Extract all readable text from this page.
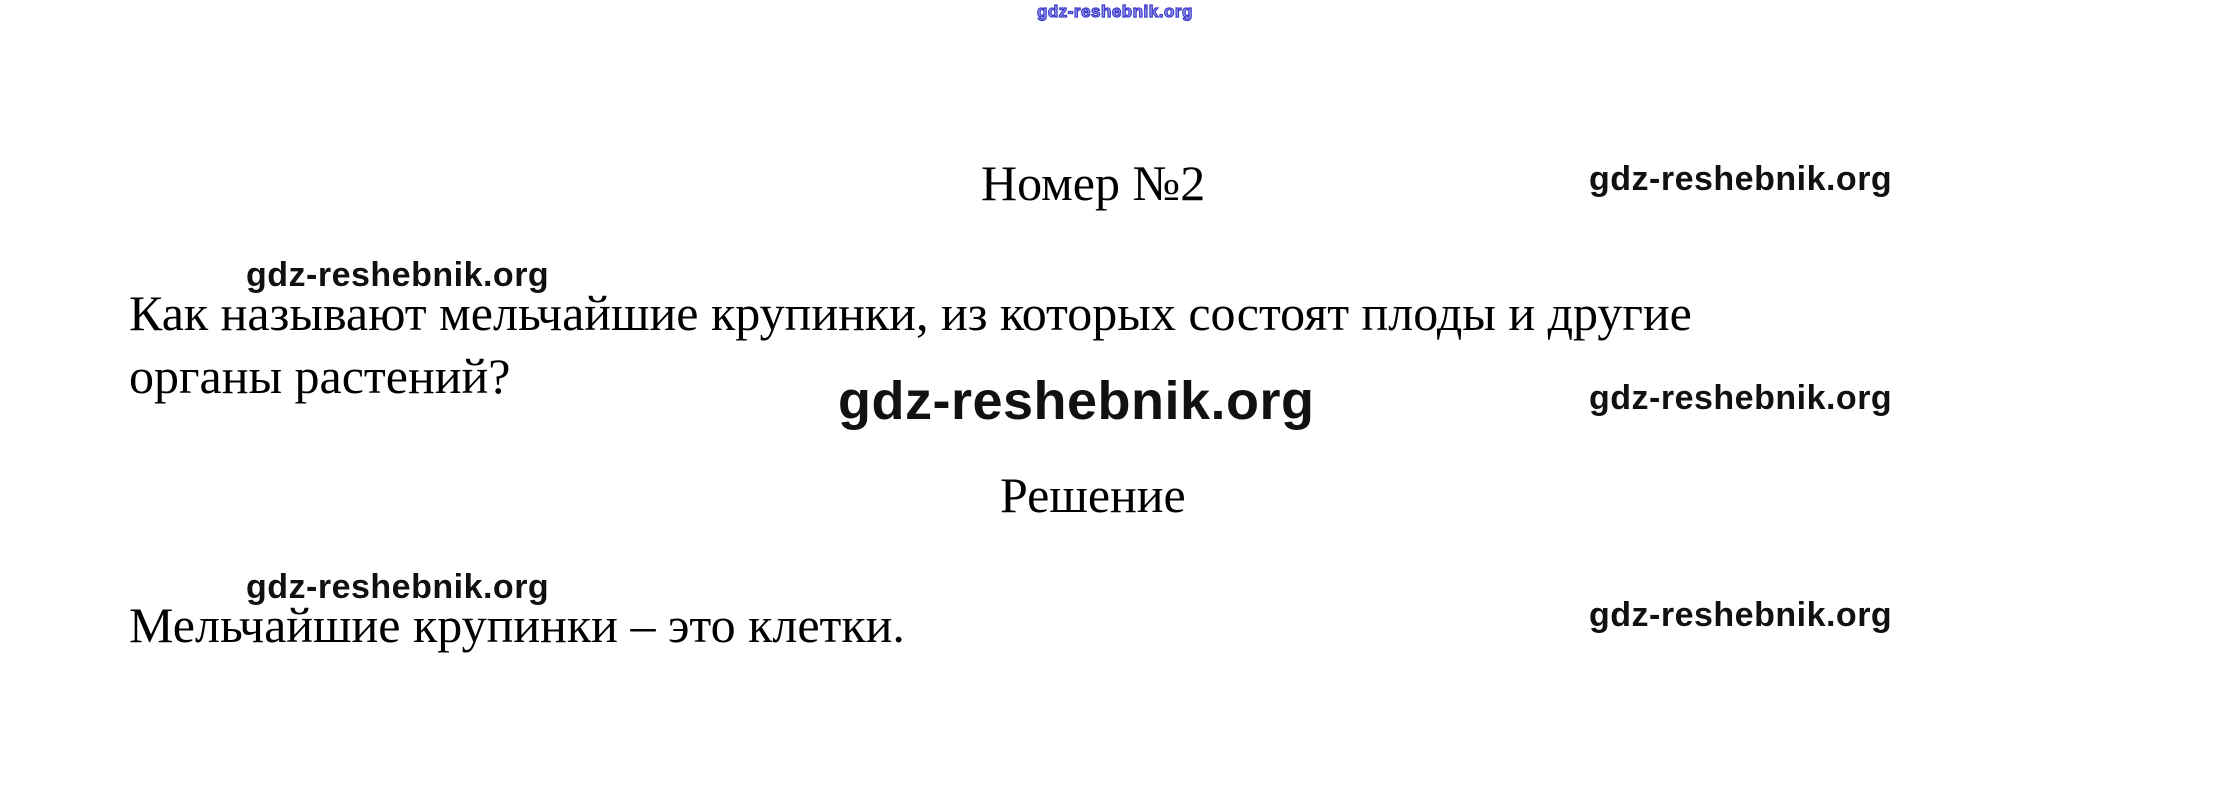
gdz-reshebnik.org
Номер №2	gdz-reshebnik.org
gdz-reshebnik.org
Как называют мельчайшие крупинки, из которых состоят плоды и другие
органы растений?	gdz-reshebnik.org	gdz-reshebnik.org
Решение
gdz-reshebnik.org
Мельчайшие крупинки – это клетки.	gdz-reshebnik.org
